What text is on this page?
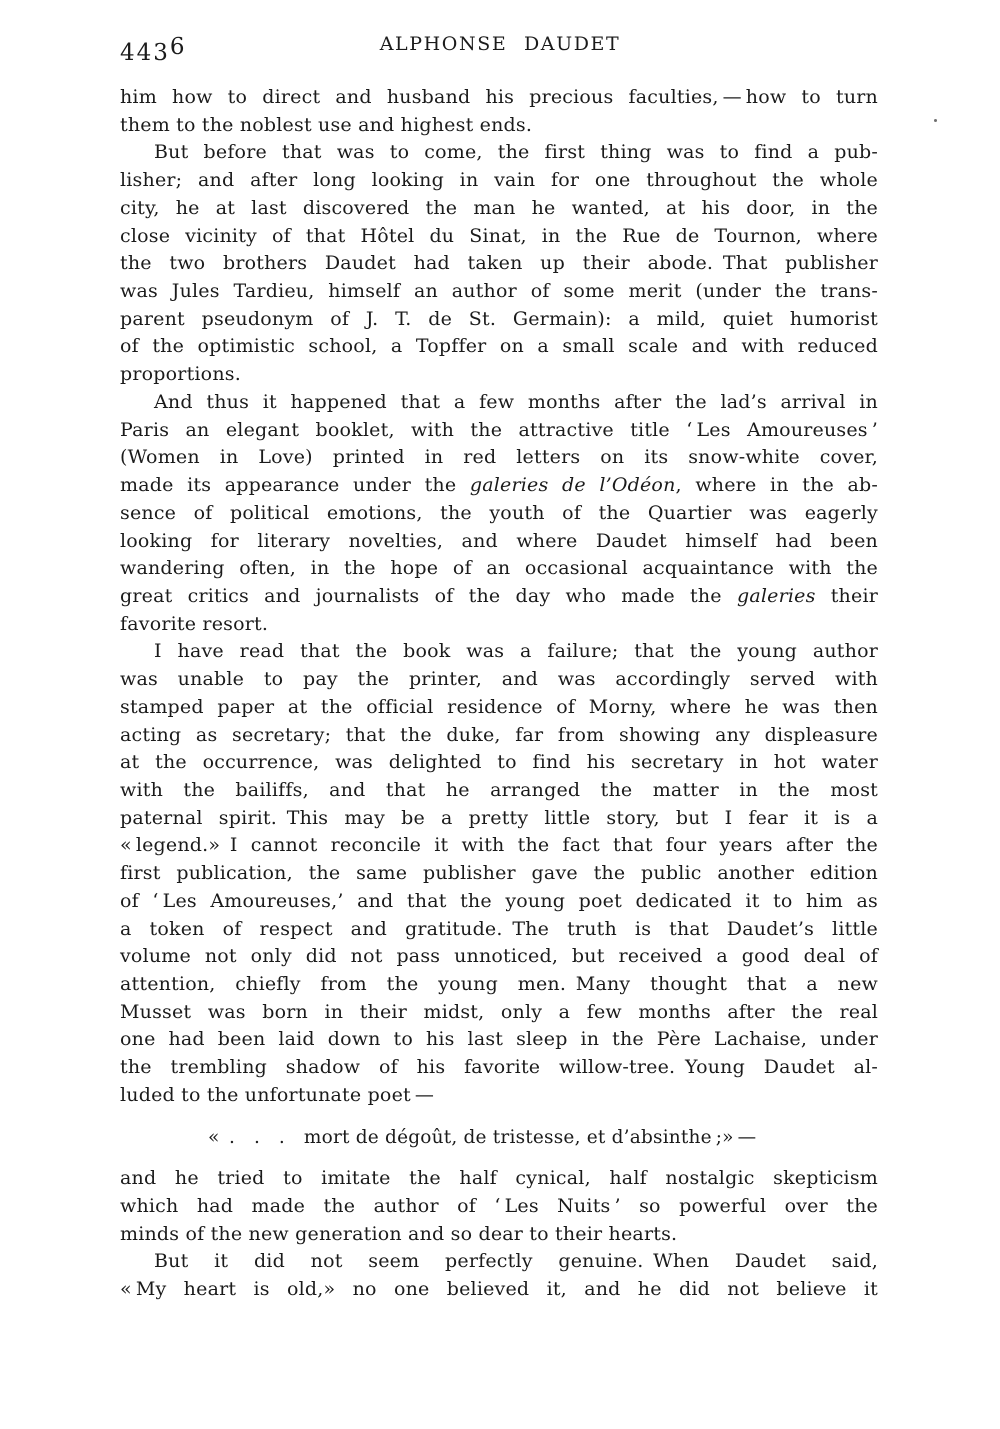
4436	ALPHONSE DAUDET
him how to direct and husband his precious faculties, — how to turn
them to the noblest use and highest ends.
But before that was to come, the first thing was to find a pub-
lisher; and after long looking in vain for one throughout the whole
city, he at last discovered the man he wanted, at his door, in the
close vicinity of that Hôtel du Sinat, in the Rue de Tournon, where
the two brothers Daudet had taken up their abode. That publisher
was Jules Tardieu, himself an author of some merit (under the trans-
parent pseudonym of J. T. de St. Germain): a mild, quiet humorist
of the optimistic school, a Topffer on a small scale and with reduced
proportions.
And thus it happened that a few months after the lad’s arrival in
Paris an elegant booklet, with the attractive title ‘ Les Amoureuses ’
(Women in Love) printed in red letters on its snow-white cover,
made its appearance under the galeries de l’Odéon, where in the ab-
sence of political emotions, the youth of the Quartier was eagerly
looking for literary novelties, and where Daudet himself had been
wandering often, in the hope of an occasional acquaintance with the
great critics and journalists of the day who made the galeries their
favorite resort.
I have read that the book was a failure; that the young author
was unable to pay the printer, and was accordingly served with
stamped paper at the official residence of Morny, where he was then
acting as secretary; that the duke, far from showing any displeasure
at the occurrence, was delighted to find his secretary in hot water
with the bailiffs, and that he arranged the matter in the most
paternal spirit. This may be a pretty little story, but I fear it is a
« legend.» I cannot reconcile it with the fact that four years after the
first publication, the same publisher gave the public another edition
of ‘ Les Amoureuses,’ and that the young poet dedicated it to him as
a token of respect and gratitude. The truth is that Daudet’s little
volume not only did not pass unnoticed, but received a good deal of
attention, chiefly from the young men. Many thought that a new
Musset was born in their midst, only a few months after the real
one had been laid down to his last sleep in the Père Lachaise, under
the trembling shadow of his favorite willow-tree. Young Daudet al-
luded to the unfortunate poet —
« .  .  .  mort de dégoût, de tristesse, et d’absinthe ;» —
and he tried to imitate the half cynical, half nostalgic skepticism
which had made the author of ‘ Les Nuits ’ so powerful over the
minds of the new generation and so dear to their hearts.
But it did not seem perfectly genuine. When Daudet said,
« My heart is old,» no one believed it, and he did not believe it
